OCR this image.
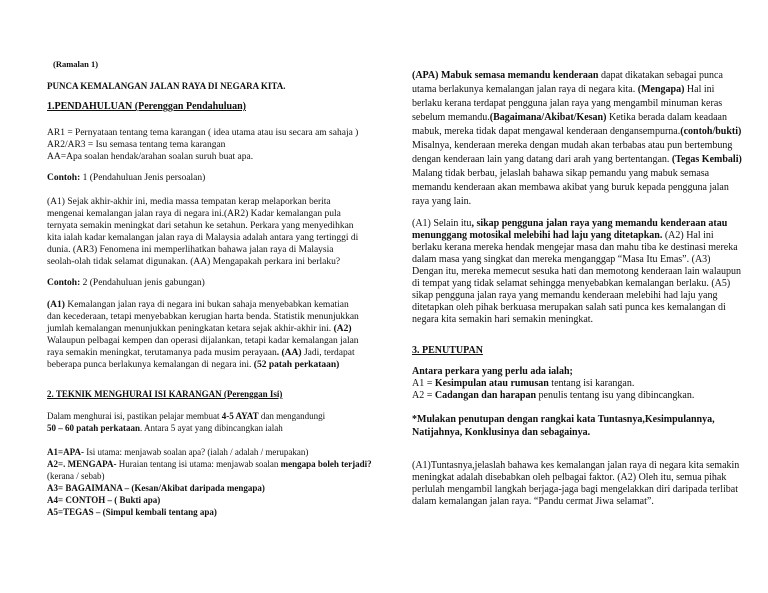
(Ramalan 1)
PUNCA KEMALANGAN JALAN RAYA DI NEGARA KITA.
1.PENDAHULUAN (Perenggan Pendahuluan)
AR1 = Pernyataan tentang tema karangan ( idea utama atau isu secara am sahaja )
AR2/AR3 = Isu semasa tentang tema karangan
AA=Apa soalan hendak/arahan soalan suruh buat apa.
Contoh: 1 (Pendahuluan Jenis persoalan)
(A1) Sejak akhir-akhir ini, media massa tempatan kerap melaporkan berita
mengenai kemalangan jalan raya di negara ini.(AR2) Kadar kemalangan pula
ternyata semakin meningkat dari setahun ke setahun. Perkara yang menyedihkan
kita ialah kadar kemalangan jalan raya di Malaysia adalah antara yang tertinggi di
dunia. (AR3) Fenomena ini memperlihatkan bahawa jalan raya di Malaysia
seolah-olah tidak selamat digunakan. (AA) Mengapakah perkara ini berlaku?
Contoh: 2 (Pendahuluan jenis gabungan)
(A1) Kemalangan jalan raya di negara ini bukan sahaja menyebabkan kematian
dan kecederaan, tetapi menyebabkan kerugian harta benda. Statistik menunjukkan
jumlah kemalangan menunjukkan peningkatan ketara sejak akhir-akhir ini. (A2)
Walaupun pelbagai kempen dan operasi dijalankan, tetapi kadar kemalangan jalan
raya semakin meningkat, terutamanya pada musim perayaan. (AA) Jadi, terdapat
beberapa punca berlakunya kemalangan di negara ini. (52 patah perkataan)
2. TEKNIK MENGHURAI ISI KARANGAN (Perenggan Isi)
Dalam menghurai isi, pastikan pelajar membuat 4-5 AYAT dan mengandungi
50 – 60 patah perkataan. Antara 5 ayat yang dibincangkan ialah
A1=APA- Isi utama: menjawab soalan apa? (ialah / adalah / merupakan)
A2=. MENGAPA- Huraian tentang isi utama: menjawab soalan mengapa boleh terjadi?
(kerana / sebab)
A3= BAGAIMANA – (Kesan/Akibat daripada mengapa)
A4= CONTOH – ( Bukti apa)
A5=TEGAS – (Simpul kembali tentang apa)
(APA) Mabuk semasa memandu kenderaan dapat dikatakan sebagai punca
utama berlakunya kemalangan jalan raya di negara kita. (Mengapa) Hal ini
berlaku kerana terdapat pengguna jalan raya yang mengambil minuman keras
sebelum memandu.(Bagaimana/Akibat/Kesan) Ketika berada dalam keadaan
mabuk, mereka tidak dapat mengawal kenderaan dengansempurna.(contoh/bukti)
Misalnya, kenderaan mereka dengan mudah akan terbabas atau pun bertembung
dengan kenderaan lain yang datang dari arah yang bertentangan. (Tegas Kembali)
Malang tidak berbau, jelaslah bahawa sikap pemandu yang mabuk semasa
memandu kenderaan akan membawa akibat yang buruk kepada pengguna jalan
raya yang lain.
(A1) Selain itu, sikap pengguna jalan raya yang memandu kenderaan atau
menunggang motosikal melebihi had laju yang ditetapkan. (A2) Hal ini
berlaku kerana mereka hendak mengejar masa dan mahu tiba ke destinasi mereka
dalam masa yang singkat dan mereka menganggap “Masa Itu Emas”. (A3)
Dengan itu, mereka memecut sesuka hati dan memotong kenderaan lain walaupun
di tempat yang tidak selamat sehingga menyebabkan kemalangan berlaku. (A5)
sikap pengguna jalan raya yang memandu kenderaan melebihi had laju yang
ditetapkan oleh pihak berkuasa merupakan salah sati punca kes kemalangan di
negara kita semakin hari semakin meningkat.
3. PENUTUPAN
Antara perkara yang perlu ada ialah;
A1 = Kesimpulan atau rumusan tentang isi karangan.
A2 = Cadangan dan harapan penulis tentang isu yang dibincangkan.
*Mulakan penutupan dengan rangkai kata Tuntasnya,Kesimpulannya,
Natijahnya, Konklusinya dan sebagainya.
(A1)Tuntasnya,jelaslah bahawa kes kemalangan jalan raya di negara kita semakin
meningkat adalah disebabkan oleh pelbagai faktor. (A2) Oleh itu, semua pihak
perlulah mengambil langkah berjaga-jaga bagi mengelakkan diri daripada terlibat
dalam kemalangan jalan raya. “Pandu cermat Jiwa selamat”.
